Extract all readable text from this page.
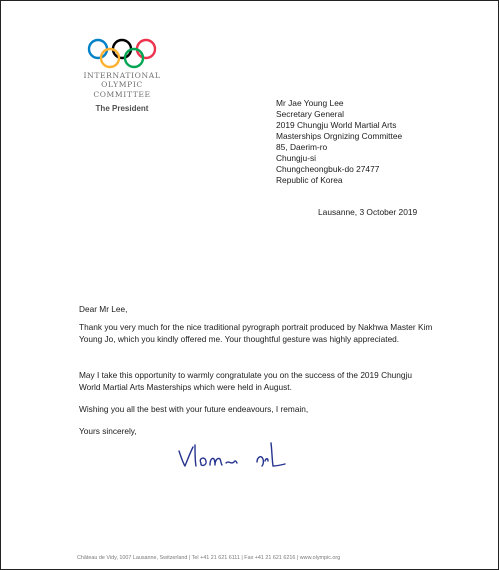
INTERNATIONAL

OLYMPIC

COMMITTEE

The President
Mr Jae Young Lee
Secretary General
2019 Chungju World Martial Arts
Masterships Orgnizing Committee
85, Daerim-ro
Chungju-si
Chungcheongbuk-do 27477
Republic of Korea
Lausanne, 3 October 2019

Dear Mr Lee,

Thank you very much for the nice traditional pyrograph portrait produced by Nakhwa Master Kim Young Jo, which you kindly offered me. Your thoughtful gesture was highly appreciated.

May I take this opportunity to warmly congratulate you on the success of the 2019 Chungju World Martial Arts Masterships which were held in August.

Wishing you all the best with your future endeavours, I remain,

Yours sincerely,

Château de Vidy, 1007 Lausanne, Switzerland | Tel +41 21 621 6111 | Fax +41 21 621 6216 | www.olympic.org
